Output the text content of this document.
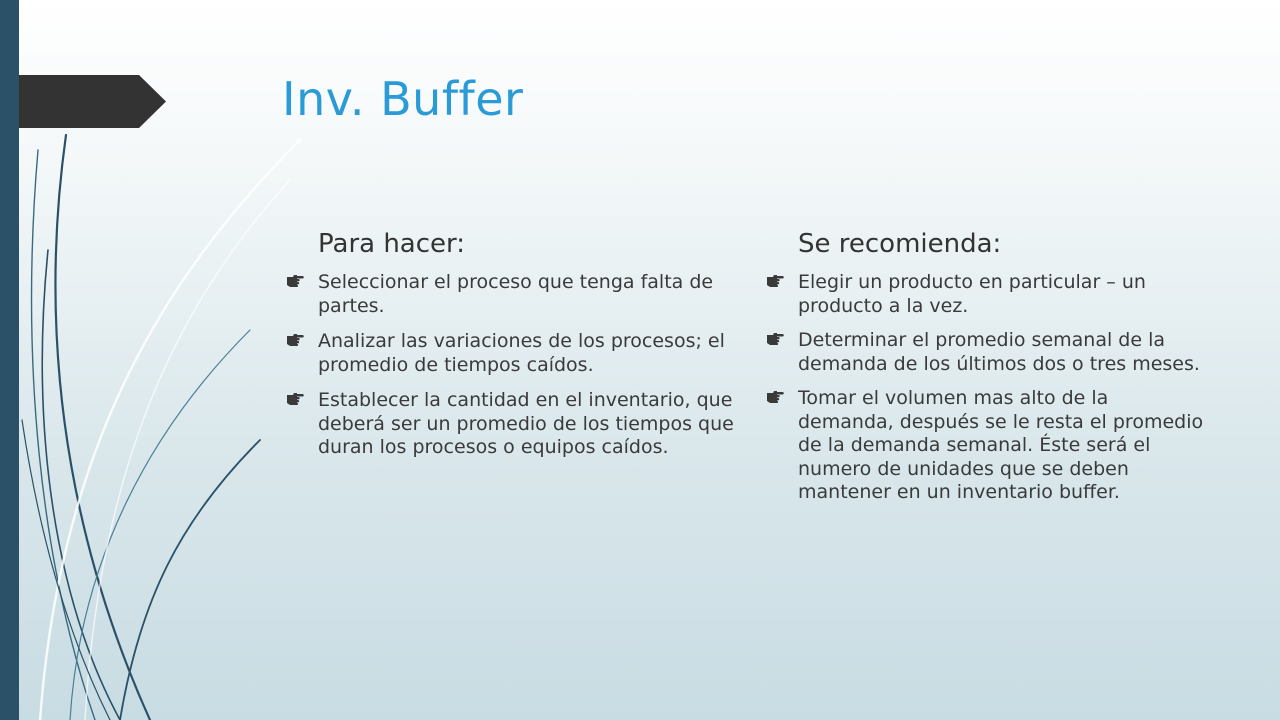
Inv. Buffer
Para hacer:
Seleccionar el proceso que tenga falta de partes.
Analizar las variaciones de los procesos; el promedio de tiempos caídos.
Establecer la cantidad en el inventario, que deberá ser un promedio de los tiempos que duran los procesos o equipos caídos.
Se recomienda:
Elegir un producto en particular – un producto a la vez.
Determinar el promedio semanal de la demanda de los últimos dos o tres meses.
Tomar el volumen mas alto de la demanda, después se le resta el promedio de la demanda semanal. Éste será el numero de unidades que se deben mantener en un inventario buffer.
